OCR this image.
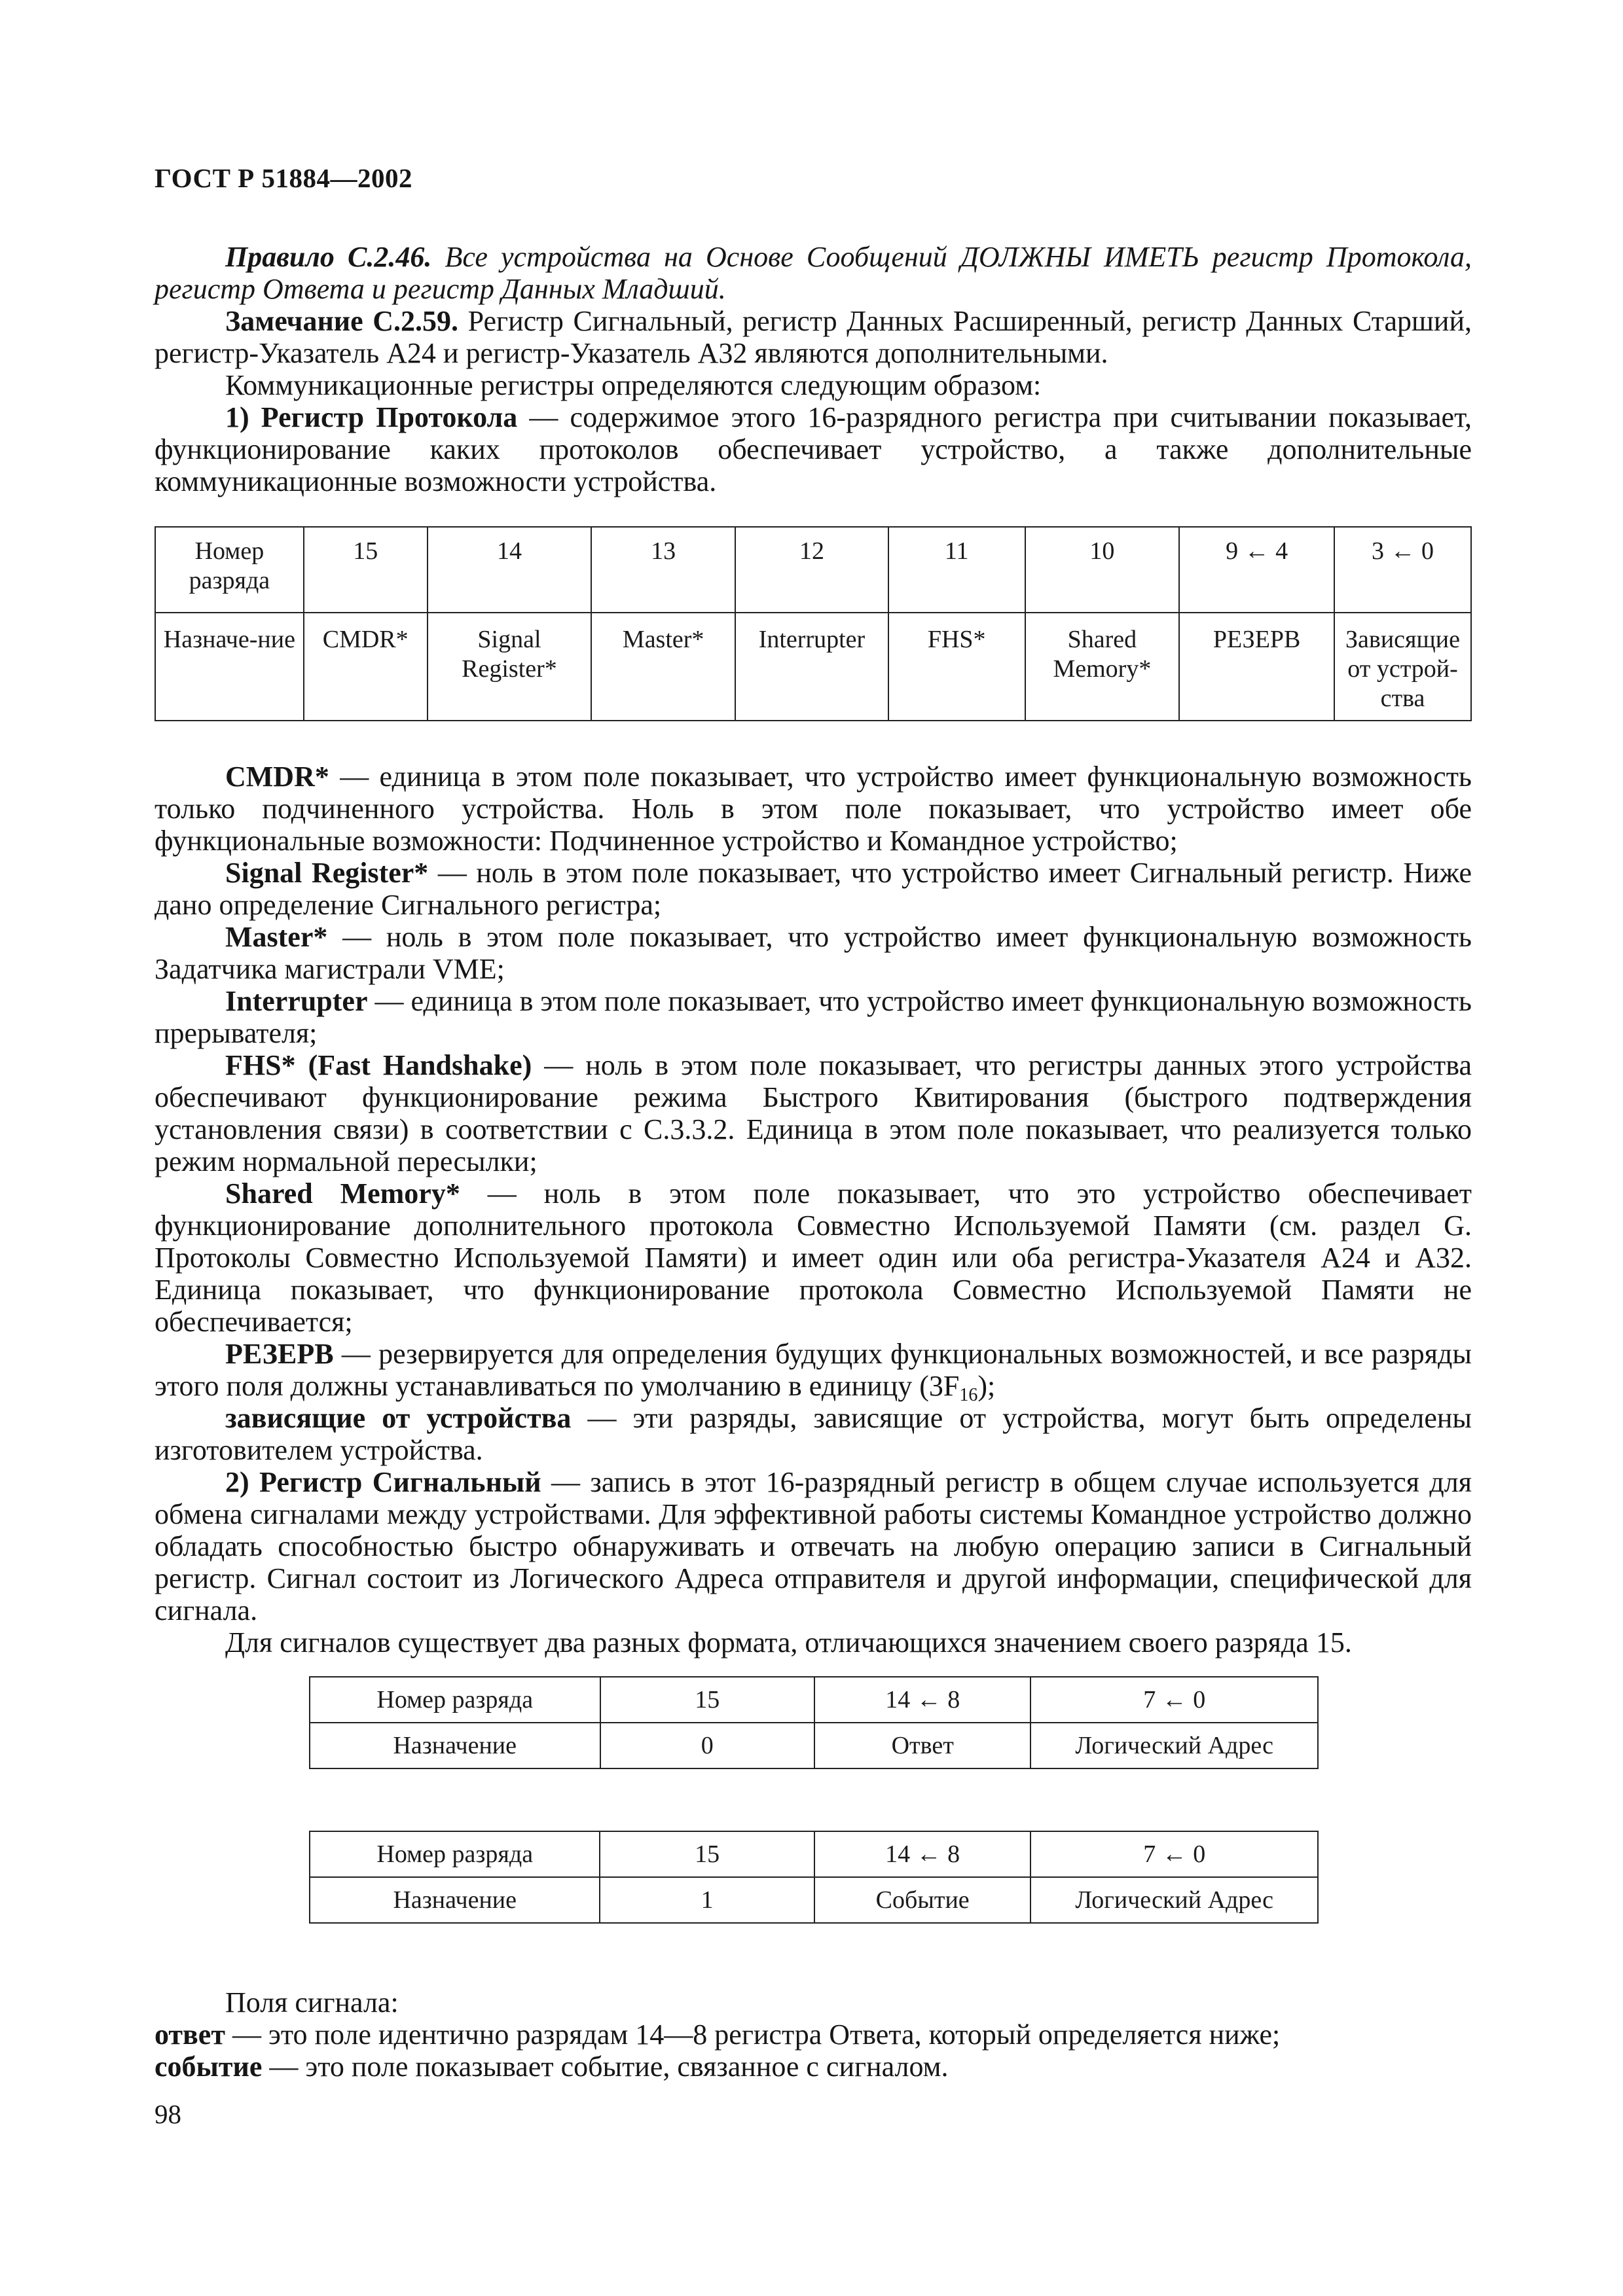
ГОСТ Р 51884—2002

Правило С.2.46. Все устройства на Основе Сообщений ДОЛЖНЫ ИМЕТЬ регистр Протокола, регистр Ответа и регистр Данных Младший.

Замечание С.2.59. Регистр Сигнальный, регистр Данных Расширенный, регистр Данных Старший, регистр-Указатель А24 и регистр-Указатель А32 являются дополнительными.

Коммуникационные регистры определяются следующим образом:

1) Регистр Протокола — содержимое этого 16-разрядного регистра при считывании показывает, функционирование каких протоколов обеспечивает устройство, а также дополнительные коммуникационные возможности устройства.

Номер разряда	15	14	13	12	11	10	9 ← 4	3 ← 0
Назначе-ние	CMDR*	Signal Register*	Master*	Interrupter	FHS*	Shared Memory*	РЕЗЕРВ	Зависящие от устрой-ства

CMDR* — единица в этом поле показывает, что устройство имеет функциональную возможность только подчиненного устройства. Ноль в этом поле показывает, что устройство имеет обе функциональные возможности: Подчиненное устройство и Командное устройство;

Signal Register* — ноль в этом поле показывает, что устройство имеет Сигнальный регистр. Ниже дано определение Сигнального регистра;

Master* — ноль в этом поле показывает, что устройство имеет функциональную возможность Задатчика магистрали VME;

Interrupter — единица в этом поле показывает, что устройство имеет функциональную возможность прерывателя;

FHS* (Fast Handshake) — ноль в этом поле показывает, что регистры данных этого устройства обеспечивают функционирование режима Быстрого Квитирования (быстрого подтверждения установления связи) в соответствии с С.3.3.2. Единица в этом поле показывает, что реализуется только режим нормальной пересылки;

Shared Memory* — ноль в этом поле показывает, что это устройство обеспечивает функционирование дополнительного протокола Совместно Используемой Памяти (см. раздел G. Протоколы Совместно Используемой Памяти) и имеет один или оба регистра-Указателя А24 и А32. Единица показывает, что функционирование протокола Совместно Используемой Памяти не обеспечивается;

РЕЗЕРВ — резервируется для определения будущих функциональных возможностей, и все разряды этого поля должны устанавливаться по умолчанию в единицу $(3F_{16})$;

зависящие от устройства — эти разряды, зависящие от устройства, могут быть определены изготовителем устройства.

2) Регистр Сигнальный — запись в этот 16-разрядный регистр в общем случае используется для обмена сигналами между устройствами. Для эффективной работы системы Командное устройство должно обладать способностью быстро обнаруживать и отвечать на любую операцию записи в Сигнальный регистр. Сигнал состоит из Логического Адреса отправителя и другой информации, специфической для сигнала.

Для сигналов существует два разных формата, отличающихся значением своего разряда 15.

Номер разряда	15	14 ← 8	7 ← 0
Назначение	0	Ответ	Логический Адрес
Номер разряда	15	14 ← 8	7 ← 0
Назначение	1	Событие	Логический Адрес

Поля сигнала:

ответ — это поле идентично разрядам 14—8 регистра Ответа, который определяется ниже;

событие — это поле показывает событие, связанное с сигналом.

98
